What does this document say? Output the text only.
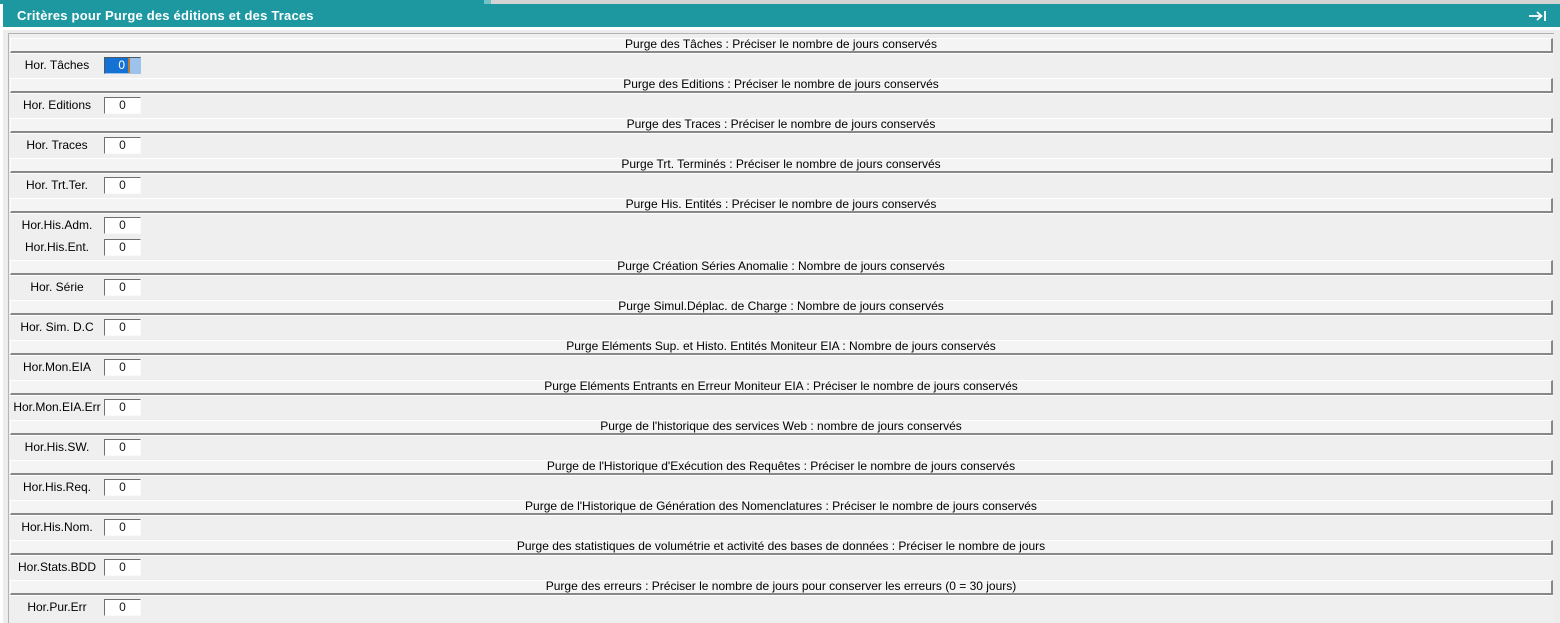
Critères pour Purge des éditions et des Traces
Purge des Tâches : Préciser le nombre de jours conservés
Hor. Tâches	0
Purge des Editions : Préciser le nombre de jours conservés
Hor. Editions	0
Purge des Traces : Préciser le nombre de jours conservés
Hor. Traces	0
Purge Trt. Terminés : Préciser le nombre de jours conservés
Hor. Trt.Ter.	0
Purge His. Entités : Préciser le nombre de jours conservés
Hor.His.Adm.	0
Hor.His.Ent.	0
Purge Création Séries Anomalie : Nombre de jours conservés
Hor. Série	0
Purge Simul.Déplac. de Charge : Nombre de jours conservés
Hor. Sim. D.C	0
Purge Eléments Sup. et Histo. Entités Moniteur EIA : Nombre de jours conservés
Hor.Mon.EIA	0
Purge Eléments Entrants en Erreur Moniteur EIA : Préciser le nombre de jours conservés
Hor.Mon.EIA.Err	0
Purge de l'historique des services Web : nombre de jours conservés
Hor.His.SW.	0
Purge de l'Historique d'Exécution des Requêtes : Préciser le nombre de jours conservés
Hor.His.Req.	0
Purge de l'Historique de Génération des Nomenclatures : Préciser le nombre de jours conservés
Hor.His.Nom.	0
Purge des statistiques de volumétrie et activité des bases de données : Préciser le nombre de jours
Hor.Stats.BDD	0
Purge des erreurs : Préciser le nombre de jours pour conserver les erreurs (0 = 30 jours)
Hor.Pur.Err	0
